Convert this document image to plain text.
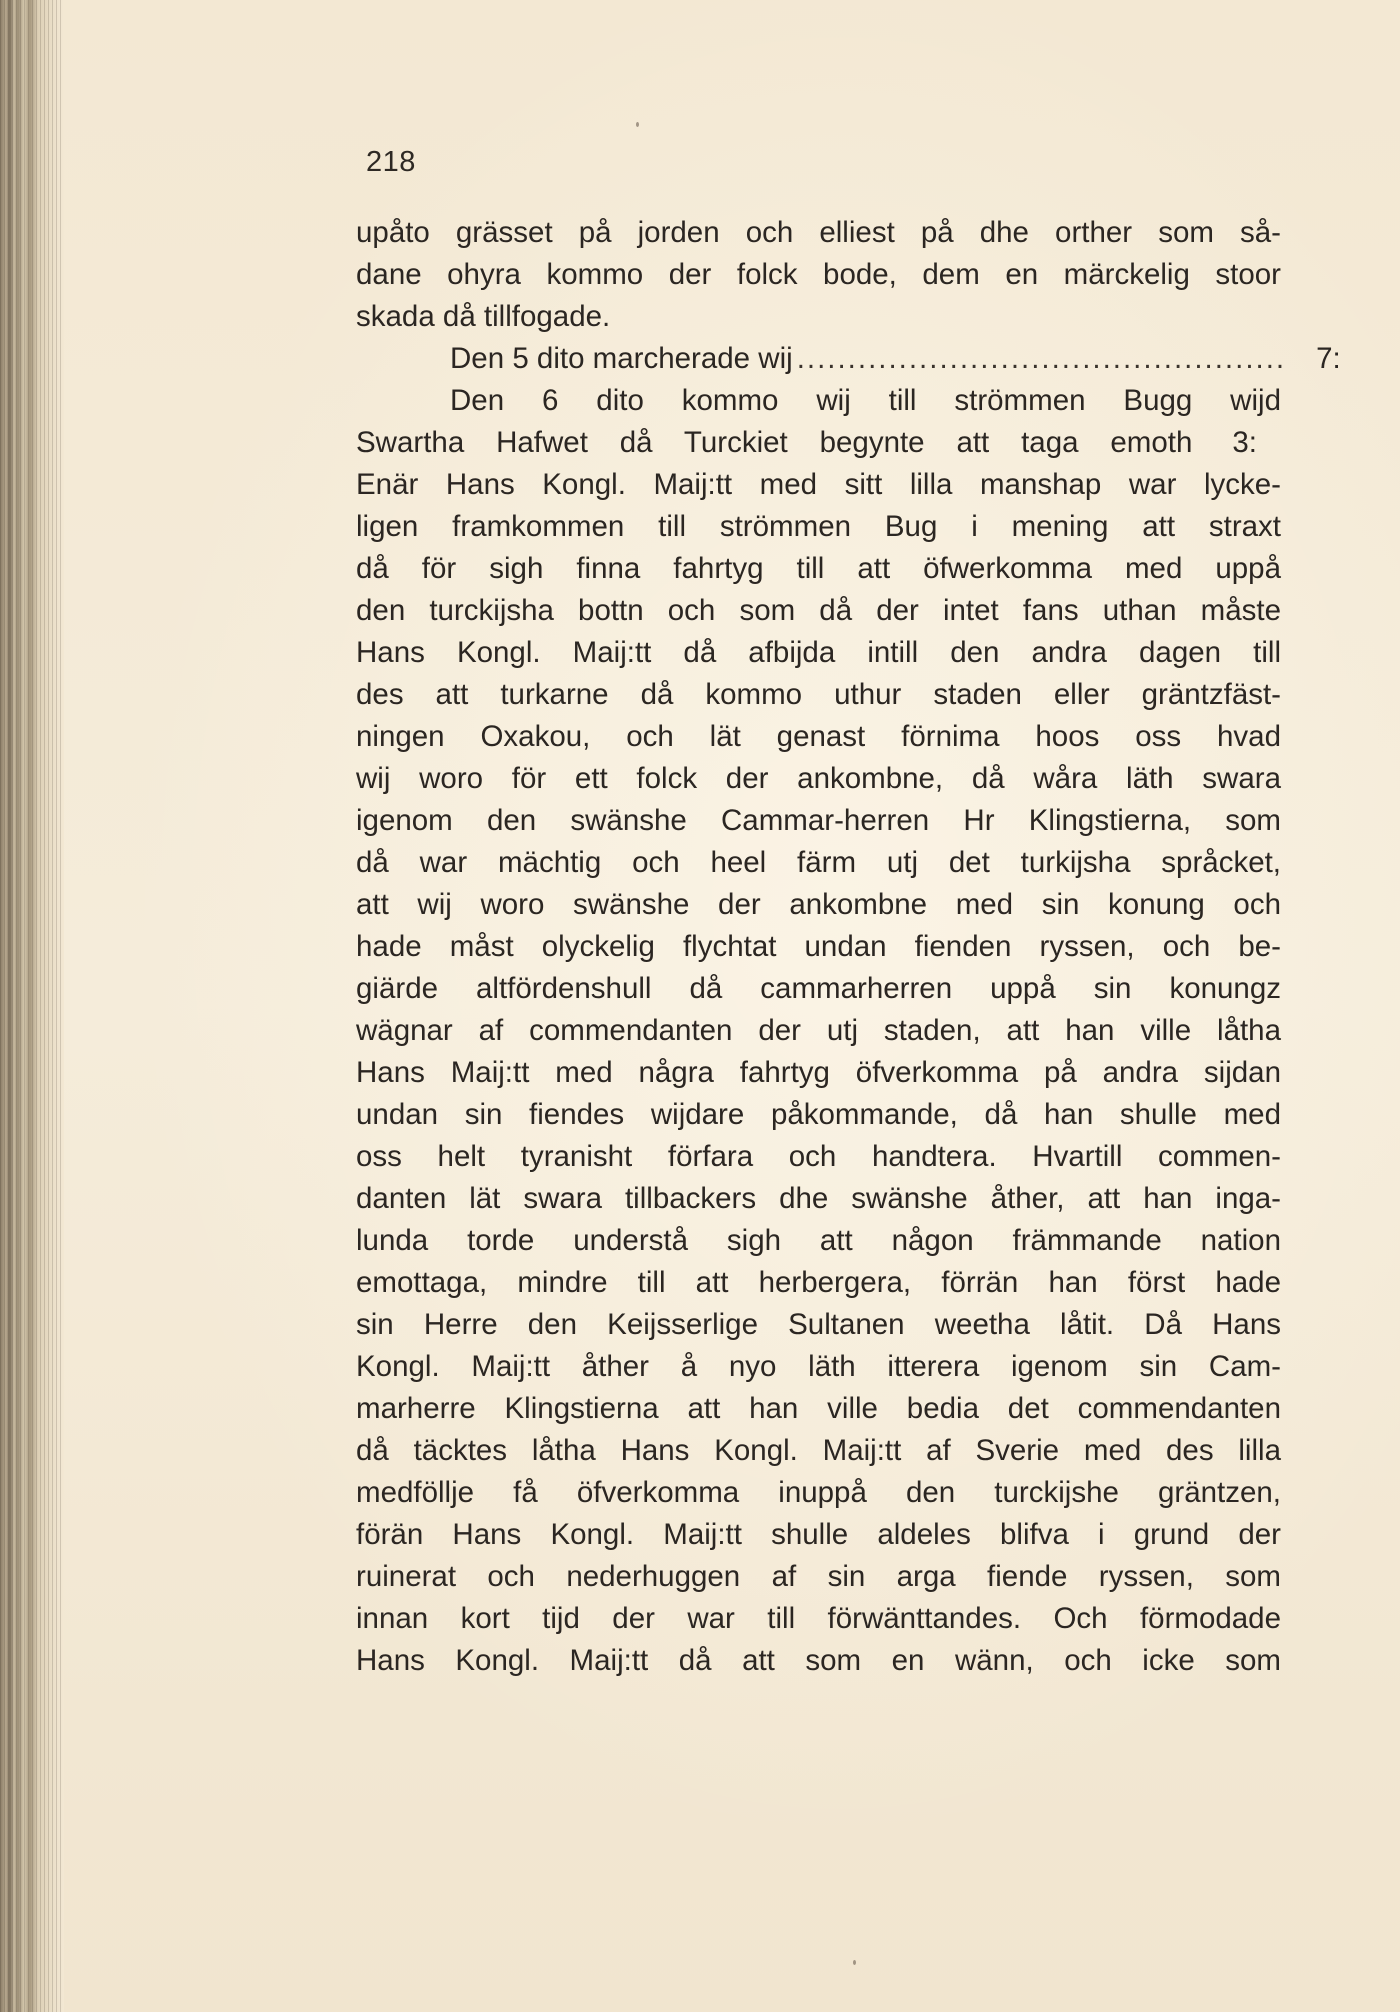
218
upåto grässet på jorden och elliest på dhe orther som så-
dane ohyra kommo der folck bode, dem en märckelig stoor
skada då tillfogade.
Den 5 dito marcherade wij ................................................	7:
Den 6 dito kommo wij till strömmen Bugg wijd
Swartha Hafwet då Turckiet begynte att taga emoth	3:
Enär Hans Kongl. Maij:tt med sitt lilla manshap war lycke-
ligen framkommen till strömmen Bug i mening att straxt
då för sigh finna fahrtyg till att öfwerkomma med uppå
den turckijsha bottn och som då der intet fans uthan måste
Hans Kongl. Maij:tt då afbijda intill den andra dagen till
des att turkarne då kommo uthur staden eller gräntzfäst-
ningen Oxakou, och lät genast förnima hoos oss hvad
wij woro för ett folck der ankombne, då wåra läth swara
igenom den swänshe Cammar-herren Hr Klingstierna, som
då war mächtig och heel färm utj det turkijsha språcket,
att wij woro swänshe der ankombne med sin konung och
hade måst olyckelig flychtat undan fienden ryssen, och be-
giärde altfördenshull då cammarherren uppå sin konungz
wägnar af commendanten der utj staden, att han ville låtha
Hans Maij:tt med några fahrtyg öfverkomma på andra sijdan
undan sin fiendes wijdare påkommande, då han shulle med
oss helt tyranisht förfara och handtera. Hvartill commen-
danten lät swara tillbackers dhe swänshe åther, att han inga-
lunda torde understå sigh att någon främmande nation
emottaga, mindre till att herbergera, förrän han först hade
sin Herre den Keijsserlige Sultanen weetha låtit. Då Hans
Kongl. Maij:tt åther å nyo läth itterera igenom sin Cam-
marherre Klingstierna att han ville bedia det commendanten
då täcktes låtha Hans Kongl. Maij:tt af Sverie med des lilla
medföllje få öfverkomma inuppå den turckijshe gräntzen,
förän Hans Kongl. Maij:tt shulle aldeles blifva i grund der
ruinerat och nederhuggen af sin arga fiende ryssen, som
innan kort tijd der war till förwänttandes. Och förmodade
Hans Kongl. Maij:tt då att som en wänn, och icke som
